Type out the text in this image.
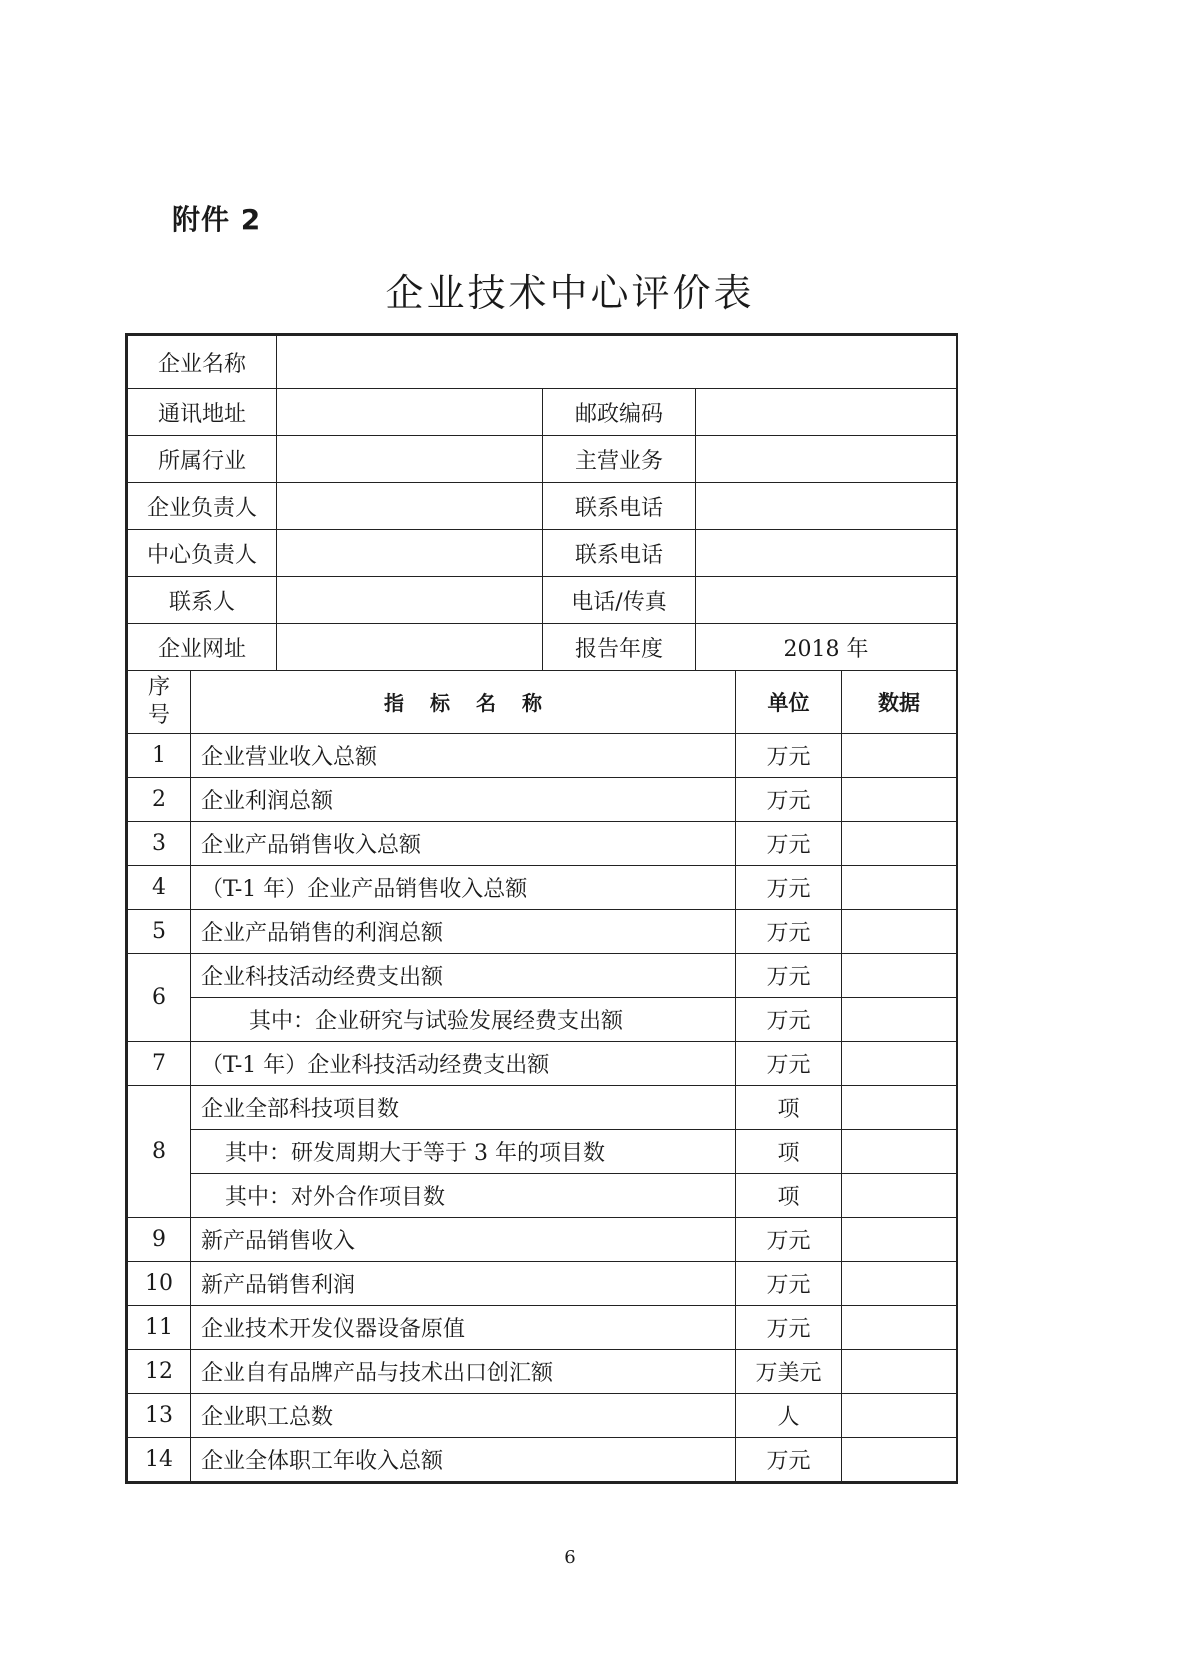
附件 2
企业技术中心评价表
企业名称			
通讯地址		邮政编码	
所属行业		主营业务	
企业负责人		联系电话	
中心负责人		联系电话	
联系人		电话/传真	
企业网址		报告年度	2018 年
序
号	指标名称	单位	数据
1	企业营业收入总额	万元	
2	企业利润总额	万元	
3	企业产品销售收入总额	万元	
4	（T-1 年）企业产品销售收入总额	万元	
5	企业产品销售的利润总额	万元	
6	企业科技活动经费支出额	万元	
	其中：企业研究与试验发展经费支出额	万元	
7	（T-1 年）企业科技活动经费支出额	万元	
8	企业全部科技项目数	项	
	其中：研发周期大于等于 3 年的项目数	项	
	其中：对外合作项目数	项	
9	新产品销售收入	万元	
10	新产品销售利润	万元	
11	企业技术开发仪器设备原值	万元	
12	企业自有品牌产品与技术出口创汇额	万美元	
13	企业职工总数	人	
14	企业全体职工年收入总额	万元	
6
